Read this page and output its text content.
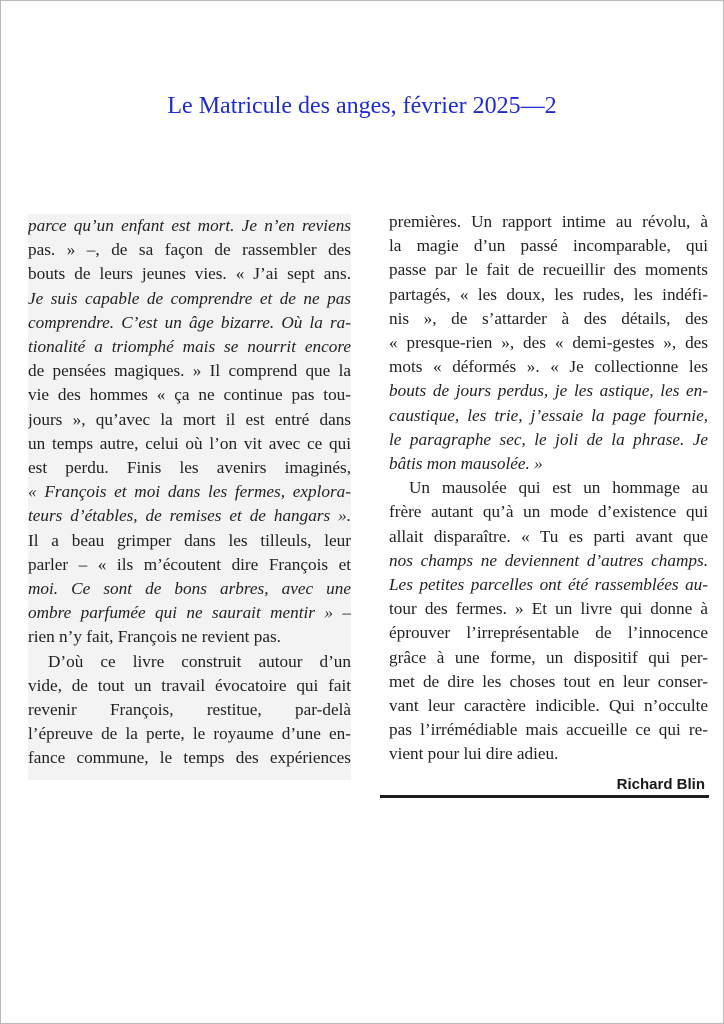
Le Matricule des anges, février 2025—2
parce qu’un enfant est mort. Je n’en reviens
pas. » –, de sa façon de rassembler des
bouts de leurs jeunes vies. « J’ai sept ans.
Je suis capable de comprendre et de ne pas
comprendre. C’est un âge bizarre. Où la ra-
tionalité a triomphé mais se nourrit encore
de pensées magiques. » Il comprend que la
vie des hommes « ça ne continue pas tou-
jours », qu’avec la mort il est entré dans
un temps autre, celui où l’on vit avec ce qui
est perdu. Finis les avenirs imaginés,
« François et moi dans les fermes, explora-
teurs d’étables, de remises et de hangars ».
Il a beau grimper dans les tilleuls, leur
parler – « ils m’écoutent dire François et
moi. Ce sont de bons arbres, avec une
ombre parfumée qui ne saurait mentir » –
rien n’y fait, François ne revient pas.
D’où ce livre construit autour d’un
vide, de tout un travail évocatoire qui fait
revenir François, restitue, par-delà
l’épreuve de la perte, le royaume d’une en-
fance commune, le temps des expériences
premières. Un rapport intime au révolu, à
la magie d’un passé incomparable, qui
passe par le fait de recueillir des moments
partagés, « les doux, les rudes, les indéfi-
nis », de s’attarder à des détails, des
« presque-rien », des « demi-gestes », des
mots « déformés ». « Je collectionne les
bouts de jours perdus, je les astique, les en-
caustique, les trie, j’essaie la page fournie,
le paragraphe sec, le joli de la phrase. Je
bâtis mon mausolée. »
Un mausolée qui est un hommage au
frère autant qu’à un mode d’existence qui
allait disparaître. « Tu es parti avant que
nos champs ne deviennent d’autres champs.
Les petites parcelles ont été rassemblées au-
tour des fermes. » Et un livre qui donne à
éprouver l’irreprésentable de l’innocence
grâce à une forme, un dispositif qui per-
met de dire les choses tout en leur conser-
vant leur caractère indicible. Qui n’occulte
pas l’irrémédiable mais accueille ce qui re-
vient pour lui dire adieu.
Richard Blin
